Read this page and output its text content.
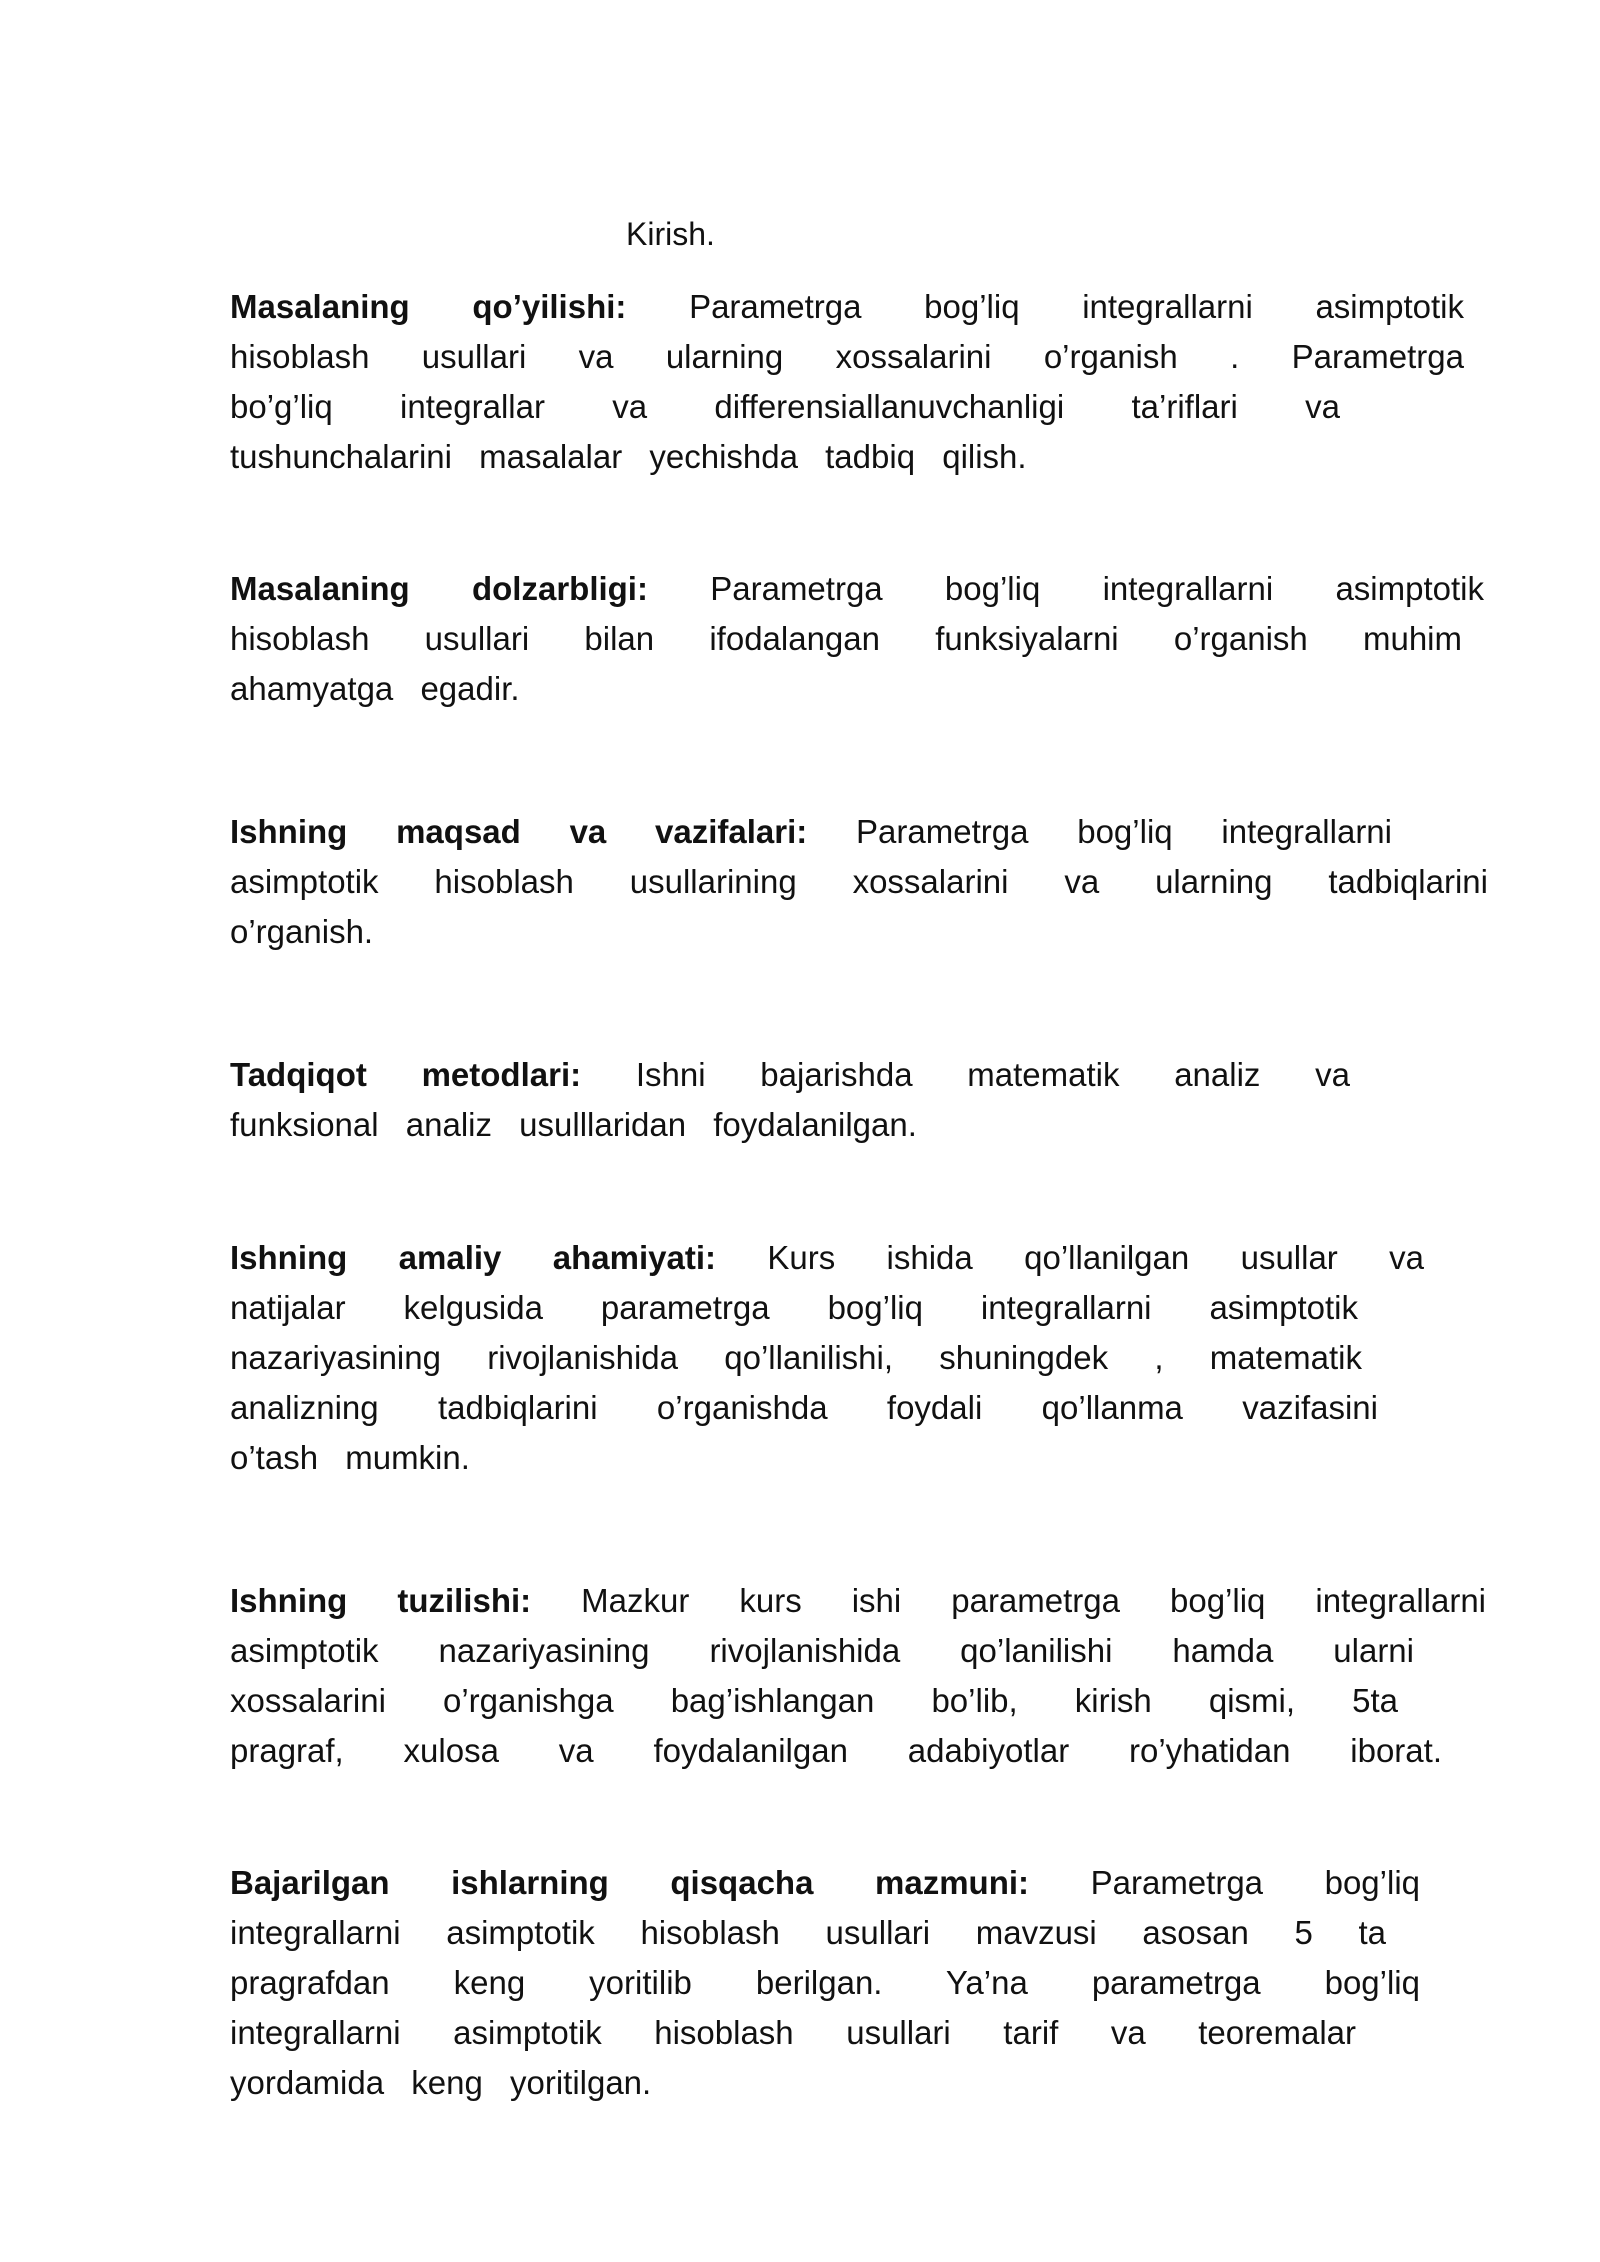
Kirish.
Masalaning qo’yilishi: Parametrga bog’liq integrallarni asimptotik
hisoblash usullari va ularning xossalarini o’rganish . Parametrga
bo’g’liq integrallar va differensiallanuvchanligi ta’riflari va
tushunchalarini masalalar yechishda tadbiq qilish.
Masalaning dolzarbligi: Parametrga bog’liq integrallarni asimptotik
hisoblash usullari bilan ifodalangan funksiyalarni o’rganish muhim
ahamyatga egadir.
Ishning maqsad va vazifalari: Parametrga bog’liq integrallarni
asimptotik hisoblash usullarining xossalarini va ularning tadbiqlarini
o’rganish.
Tadqiqot metodlari: Ishni bajarishda matematik analiz va
funksional analiz usulllaridan foydalanilgan.
Ishning amaliy ahamiyati: Kurs ishida qo’llanilgan usullar va
natijalar kelgusida parametrga bog’liq integrallarni asimptotik
nazariyasining rivojlanishida qo’llanilishi, shuningdek , matematik
analizning tadbiqlarini o’rganishda foydali qo’llanma vazifasini
o’tash mumkin.
Ishning tuzilishi: Mazkur kurs ishi parametrga bog’liq integrallarni
asimptotik nazariyasining rivojlanishida qo’lanilishi hamda ularni
xossalarini o’rganishga bag’ishlangan bo’lib, kirish qismi, 5ta
pragraf, xulosa va foydalanilgan adabiyotlar ro’yhatidan iborat.
Bajarilgan ishlarning qisqacha mazmuni: Parametrga bog’liq
integrallarni asimptotik hisoblash usullari mavzusi asosan 5 ta
pragrafdan keng yoritilib berilgan. Ya’na parametrga bog’liq
integrallarni asimptotik hisoblash usullari tarif va teoremalar
yordamida keng yoritilgan.
